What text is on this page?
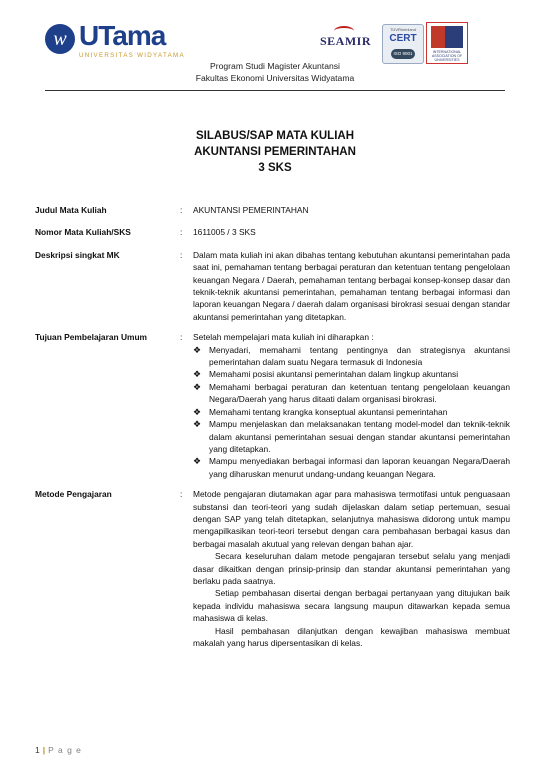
w UTama
UNIVERSITAS WIDYATAMA
SEAMIR
TÜVRheinland
CERT
ISO 9001	INTERNATIONAL ASSOCIATION OF UNIVERSITIES
Program Studi Magister Akuntansi
Fakultas Ekonomi Universitas Widyatama
SILABUS/SAP MATA KULIAH
AKUNTANSI PEMERINTAHAN
3 SKS
Judul Mata Kuliah	: AKUNTANSI PEMERINTAHAN
Nomor Mata Kuliah/SKS	: 1611005 / 3 SKS
Deskripsi singkat MK	: Dalam mata kuliah ini akan dibahas tentang kebutuhan akuntansi pemerintahan pada saat ini, pemahaman tentang berbagai peraturan dan ketentuan tentang pengelolaan keuangan Negara / Daerah, pemahaman tentang berbagai konsep-konsep dasar dan teknik-teknik akuntansi pemerintahan, pemahaman tentang berbagai informasi dan laporan keuangan Negara / daerah dalam organisasi birokrasi sesuai dengan standar akuntansi pemerintahan yang ditetapkan.
Tujuan Pembelajaran Umum	: Setelah mempelajari mata kuliah ini diharapkan :
❖ Menyadari, memahami tentang pentingnya dan strategisnya akuntansi pemerintahan dalam suatu Negara termasuk di Indonesia
❖ Memahami posisi akuntansi pemerintahan dalam lingkup akuntansi
❖ Memahami berbagai peraturan dan ketentuan tentang pengelolaan keuangan Negara/Daerah yang harus ditaati dalam organisasi birokrasi.
❖ Memahami tentang krangka konseptual akuntansi pemerintahan
❖ Mampu menjelaskan dan melaksanakan tentang model-model dan teknik-teknik dalam akuntansi pemerintahan sesuai dengan standar akuntansi pemerintahan yang ditetapkan.
❖ Mampu menyediakan berbagai informasi dan laporan keuangan Negara/Daerah yang diharuskan menurut undang-undang keuangan Negara.
Metode Pengajaran	: Metode pengajaran diutamakan agar para mahasiswa termotifasi untuk penguasaan substansi dan teori-teori yang sudah dijelaskan dalam setiap pertemuan, sesuai dengan SAP yang telah ditetapkan, selanjutnya mahasiswa didorong untuk mampu mengapilkasikan teori-teori tersebut dengan cara pembahasan berbagai kasus dan berbagai masalah akutual yang relevan dengan bahan ajar.
Secara keseluruhan dalam metode pengajaran tersebut selalu yang menjadi dasar dikaitkan dengan prinsip-prinsip dan standar akuntansi pemerintahan yang berlaku pada saatnya.
Setiap pembahasan disertai dengan berbagai pertanyaan yang ditujukan baik kepada individu mahasiswa secara langsung maupun ditawarkan kepada semua mahasiswa di kelas.
Hasil pembahasan dilanjutkan dengan kewajiban mahasiswa membuat makalah yang harus dipersentasikan di kelas.
1 | P a g e
